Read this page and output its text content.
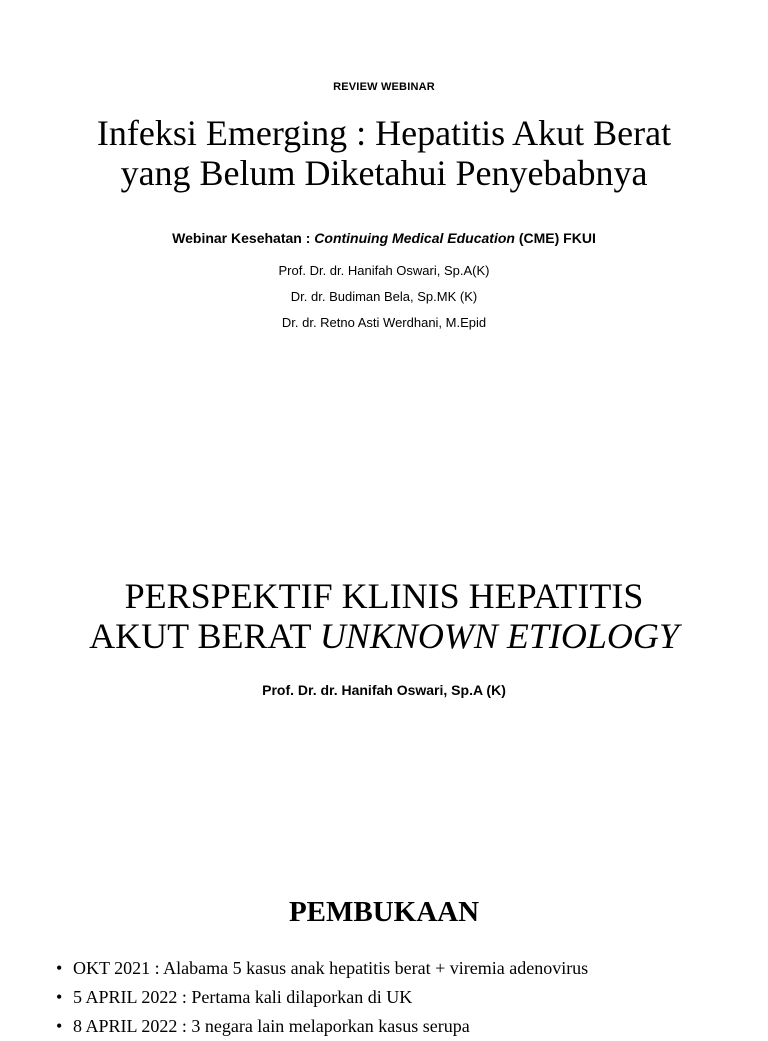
REVIEW WEBINAR
Infeksi Emerging : Hepatitis Akut Berat
yang Belum Diketahui Penyebabnya
Webinar Kesehatan : Continuing Medical Education (CME) FKUI
Prof. Dr. dr. Hanifah Oswari, Sp.A(K)
Dr. dr. Budiman Bela, Sp.MK (K)
Dr. dr. Retno Asti Werdhani, M.Epid
PERSPEKTIF KLINIS HEPATITIS
AKUT BERAT UNKNOWN ETIOLOGY
Prof. Dr. dr. Hanifah Oswari, Sp.A (K)
PEMBUKAAN
• OKT 2021 : Alabama 5 kasus anak hepatitis berat + viremia adenovirus
• 5 APRIL 2022 : Pertama kali dilaporkan di UK
• 8 APRIL 2022 : 3 negara lain melaporkan kasus serupa
